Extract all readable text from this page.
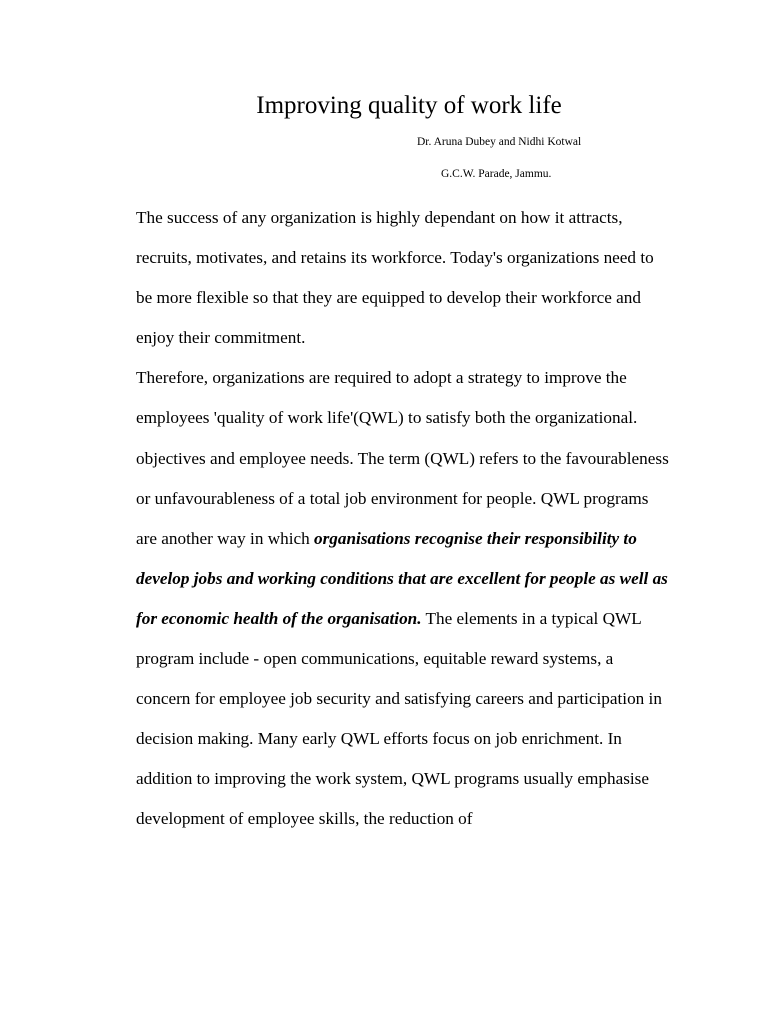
Improving quality of work life
Dr. Aruna Dubey and Nidhi Kotwal
G.C.W. Parade, Jammu.
The success of any organization is highly dependant on how it attracts,
recruits, motivates, and retains its workforce. Today's organizations need to
be more flexible so that they are equipped to develop their workforce and
enjoy their commitment.
Therefore, organizations are required to adopt a strategy to improve the
employees 'quality of work life'(QWL) to satisfy both the organizational.
objectives and employee needs. The term (QWL) refers to the favourableness
or unfavourableness of a total job environment for people. QWL programs
are another way in which organisations recognise their responsibility to
develop jobs and working conditions that are excellent for people as well as
for economic health of the organisation. The elements in a typical QWL
program include - open communications, equitable reward systems, a
concern for employee job security and satisfying careers and participation in
decision making. Many early QWL efforts focus on job enrichment. In
addition to improving the work system, QWL programs usually emphasise
development of employee skills, the reduction of
